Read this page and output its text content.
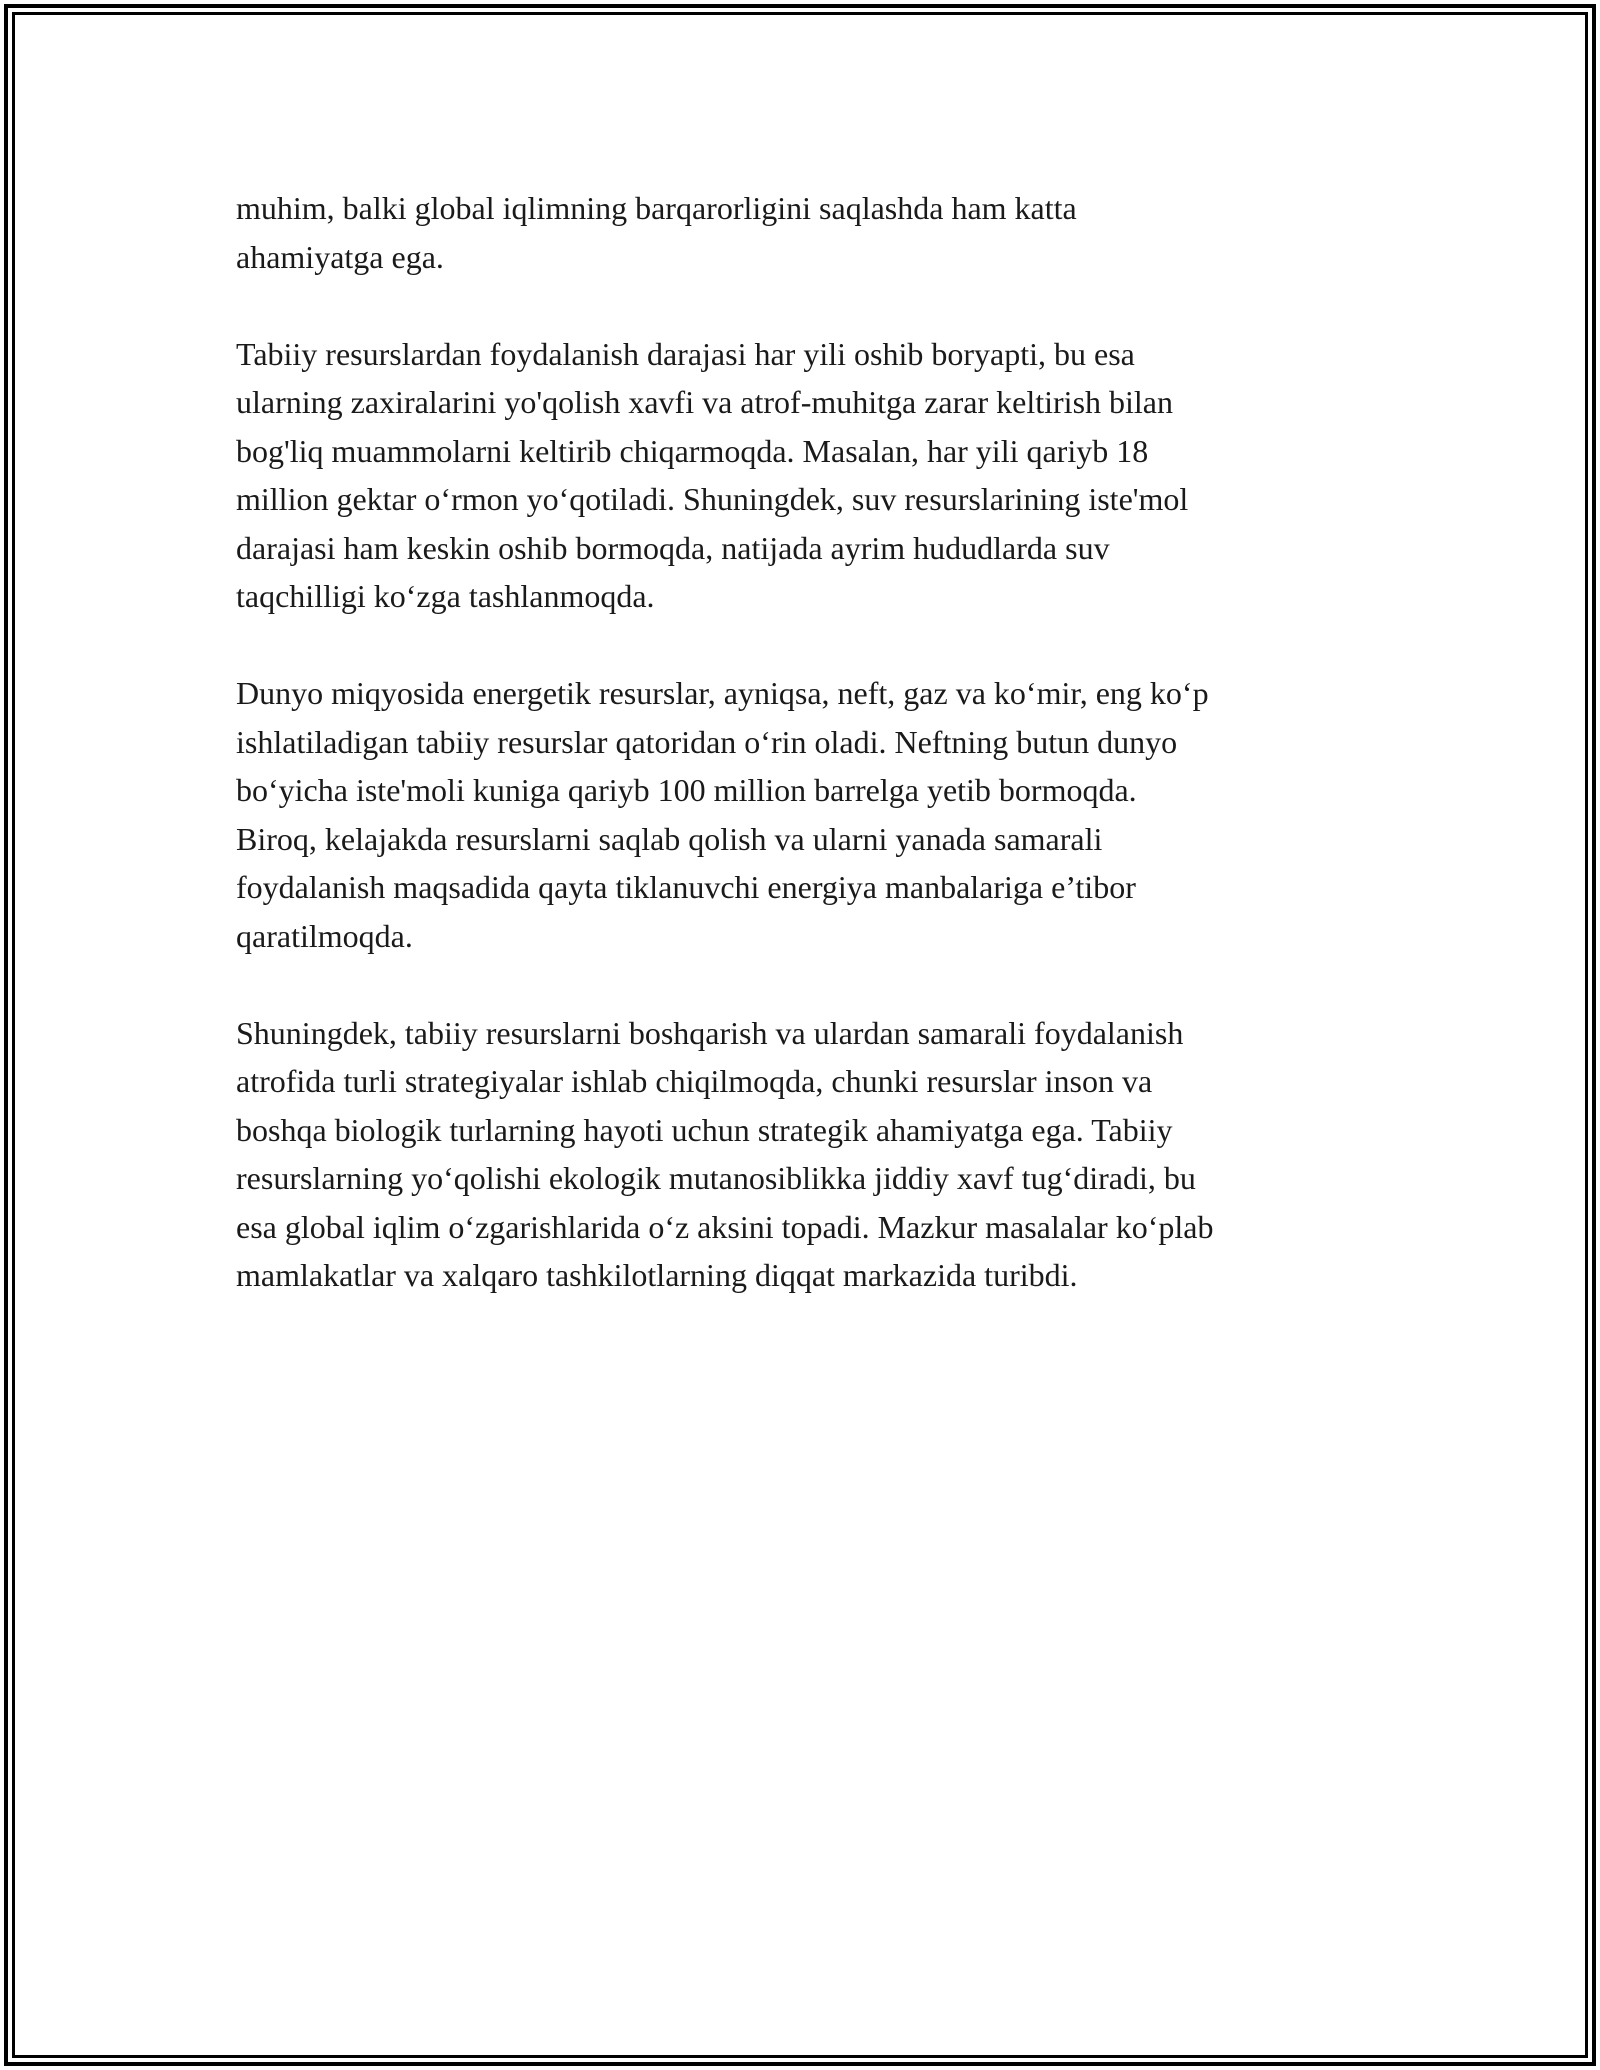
muhim, balki global iqlimning barqarorligini saqlashda ham katta
ahamiyatga ega.

Tabiiy resurslardan foydalanish darajasi har yili oshib boryapti, bu esa
ularning zaxiralarini yo'qolish xavfi va atrof-muhitga zarar keltirish bilan
bog'liq muammolarni keltirib chiqarmoqda. Masalan, har yili qariyb 18
million gektar o‘rmon yo‘qotiladi. Shuningdek, suv resurslarining iste'mol
darajasi ham keskin oshib bormoqda, natijada ayrim hududlarda suv
taqchilligi ko‘zga tashlanmoqda.

Dunyo miqyosida energetik resurslar, ayniqsa, neft, gaz va ko‘mir, eng ko‘p
ishlatiladigan tabiiy resurslar qatoridan o‘rin oladi. Neftning butun dunyo
bo‘yicha iste'moli kuniga qariyb 100 million barrelga yetib bormoqda.
Biroq, kelajakda resurslarni saqlab qolish va ularni yanada samarali
foydalanish maqsadida qayta tiklanuvchi energiya manbalariga e’tibor
qaratilmoqda.

Shuningdek, tabiiy resurslarni boshqarish va ulardan samarali foydalanish
atrofida turli strategiyalar ishlab chiqilmoqda, chunki resurslar inson va
boshqa biologik turlarning hayoti uchun strategik ahamiyatga ega. Tabiiy
resurslarning yo‘qolishi ekologik mutanosiblikka jiddiy xavf tug‘diradi, bu
esa global iqlim o‘zgarishlarida o‘z aksini topadi. Mazkur masalalar ko‘plab
mamlakatlar va xalqaro tashkilotlarning diqqat markazida turibdi.
